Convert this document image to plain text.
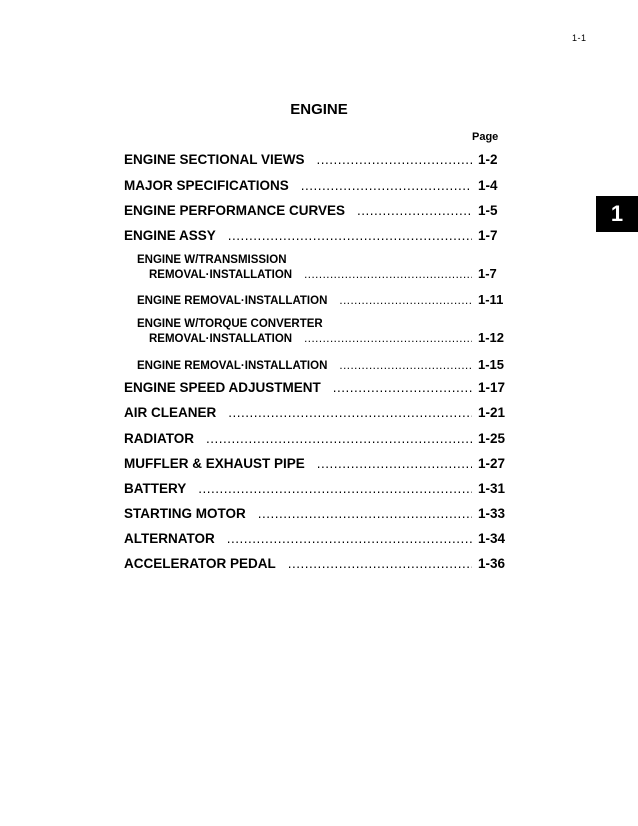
1-1
1
ENGINE
Page
ENGINE SECTIONAL VIEWS .....	1-2
MAJOR SPECIFICATIONS .....	1-4
ENGINE PERFORMANCE CURVES .....	1-5
ENGINE ASSY .....	1-7
ENGINE W/TRANSMISSION
REMOVAL·INSTALLATION .....	1-7
ENGINE REMOVAL·INSTALLATION .....	1-11
ENGINE W/TORQUE CONVERTER
REMOVAL·INSTALLATION .....	1-12
ENGINE REMOVAL·INSTALLATION .....	1-15
ENGINE SPEED ADJUSTMENT .....	1-17
AIR CLEANER .....	1-21
RADIATOR .....	1-25
MUFFLER & EXHAUST PIPE .....	1-27
BATTERY .....	1-31
STARTING MOTOR .....	1-33
ALTERNATOR .....	1-34
ACCELERATOR PEDAL .....	1-36
